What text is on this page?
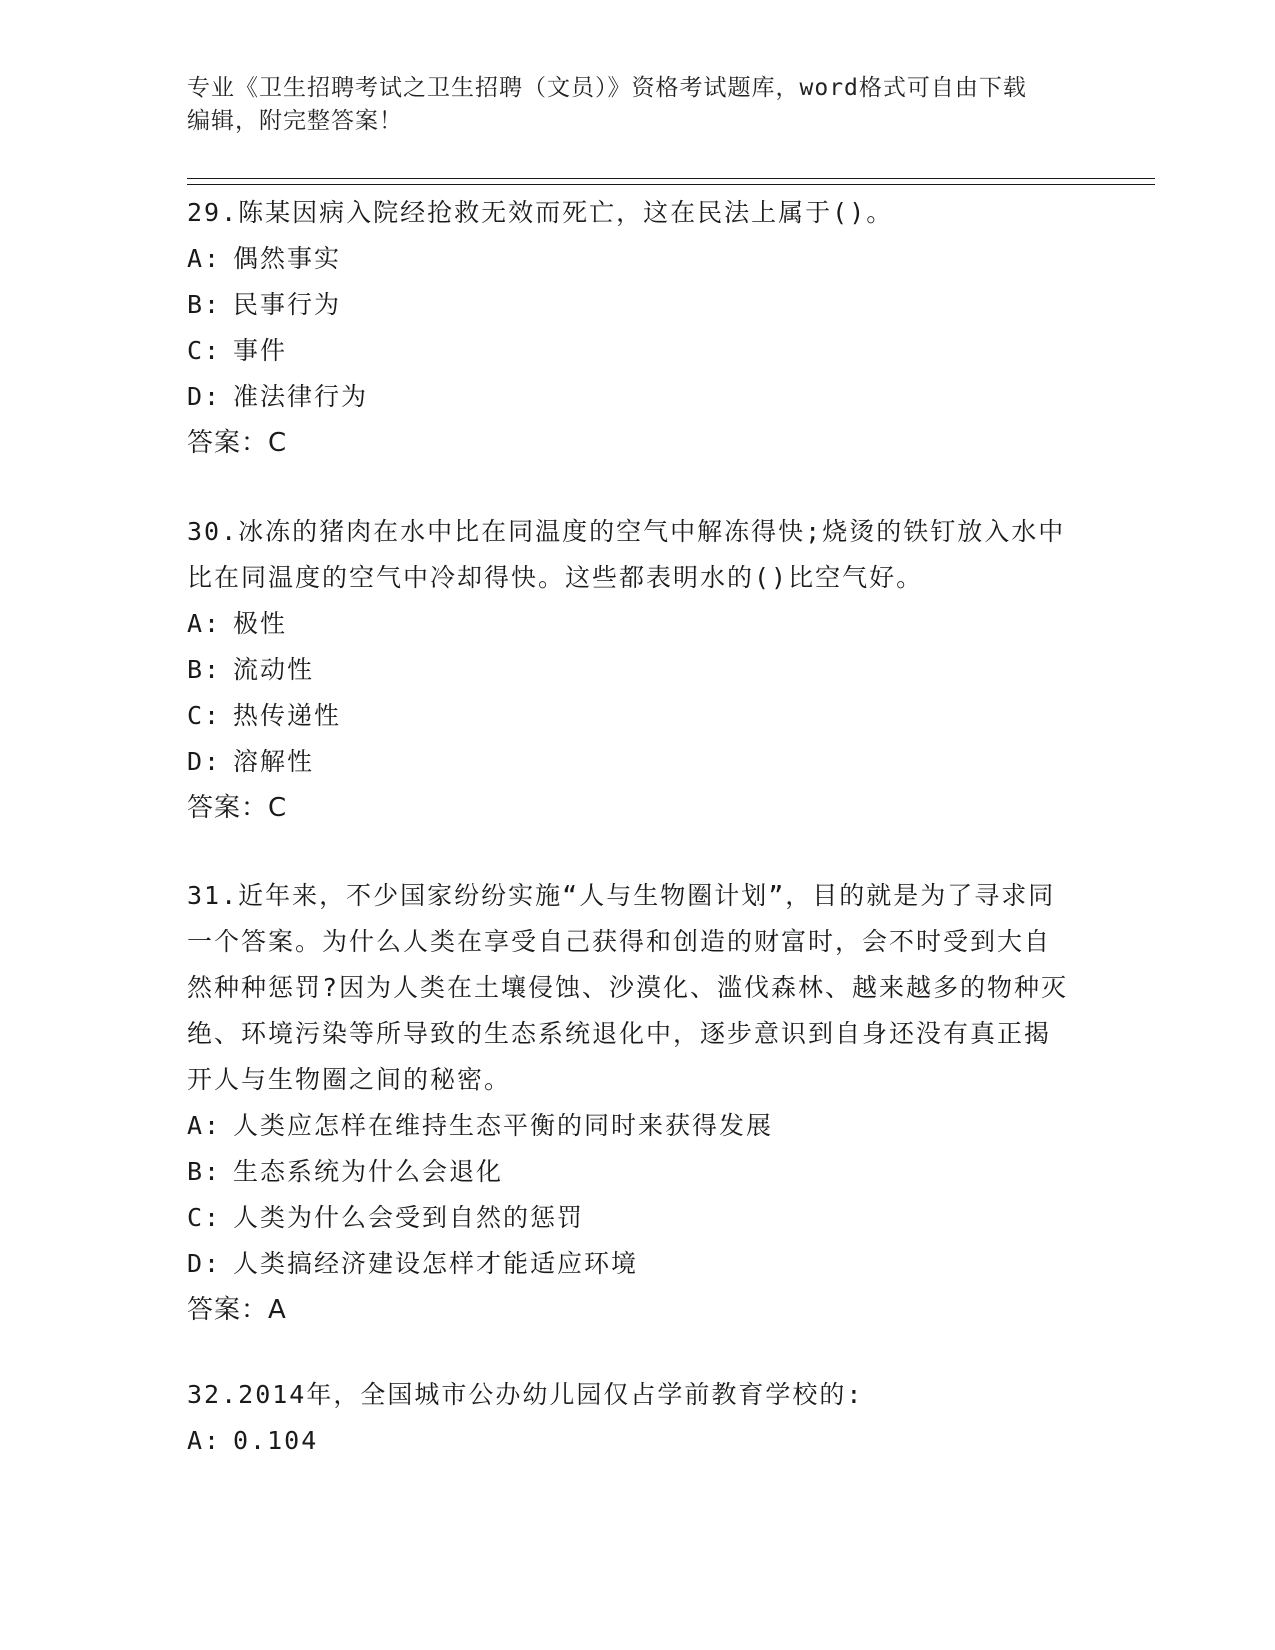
专业《卫生招聘考试之卫生招聘（文员）》资格考试题库，word格式可自由下载
编辑，附完整答案！

29.陈某因病入院经抢救无效而死亡，这在民法上属于()。

A: 偶然事实

B: 民事行为

C: 事件

D: 准法律行为

答案：C

30.冰冻的猪肉在水中比在同温度的空气中解冻得快;烧烫的铁钉放入水中比在同温度的空气中冷却得快。这些都表明水的()比空气好。

A: 极性

B: 流动性

C: 热传递性

D: 溶解性

答案：C

31.近年来，不少国家纷纷实施“人与生物圈计划”，目的就是为了寻求同一个答案。为什么人类在享受自己获得和创造的财富时，会不时受到大自然种种惩罚?因为人类在土壤侵蚀、沙漠化、滥伐森林、越来越多的物种灭绝、环境污染等所导致的生态系统退化中，逐步意识到自身还没有真正揭开人与生物圈之间的秘密。

A: 人类应怎样在维持生态平衡的同时来获得发展

B: 生态系统为什么会退化

C: 人类为什么会受到自然的惩罚

D: 人类搞经济建设怎样才能适应环境

答案：A

32.2014年，全国城市公办幼儿园仅占学前教育学校的:

A: 0.104
